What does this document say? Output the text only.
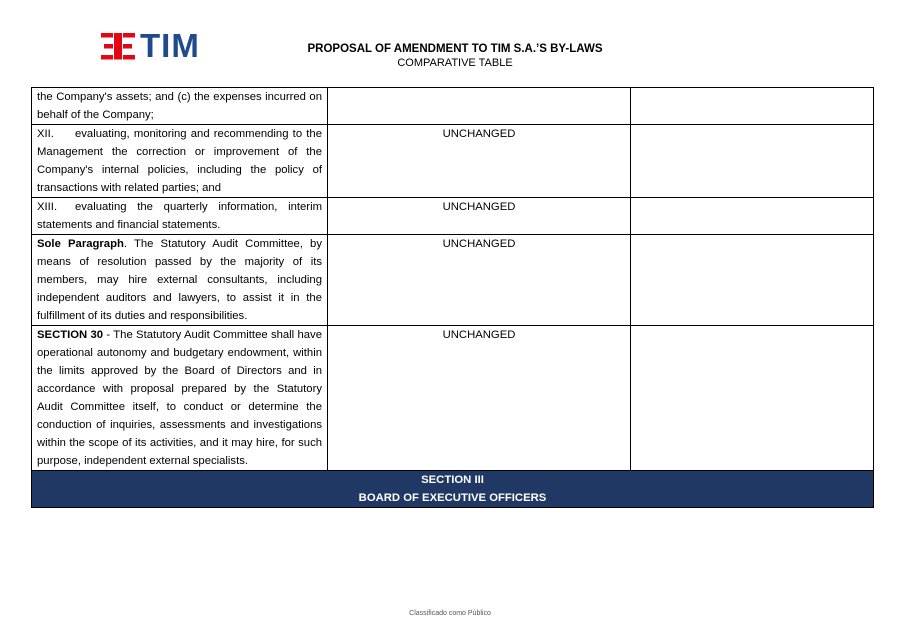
TIM	PROPOSAL OF AMENDMENT TO TIM S.A.’S BY-LAWS
COMPARATIVE TABLE
the Company's assets; and (c) the expenses incurred on behalf of the Company;		
XII. evaluating, monitoring and recommending to the Management the correction or improvement of the Company's internal policies, including the policy of transactions with related parties; and	UNCHANGED	
XIII. evaluating the quarterly information, interim statements and financial statements.	UNCHANGED	
Sole Paragraph. The Statutory Audit Committee, by means of resolution passed by the majority of its members, may hire external consultants, including independent auditors and lawyers, to assist it in the fulfillment of its duties and responsibilities.	UNCHANGED	
SECTION 30 - The Statutory Audit Committee shall have operational autonomy and budgetary endowment, within the limits approved by the Board of Directors and in accordance with proposal prepared by the Statutory Audit Committee itself, to conduct or determine the conduction of inquiries, assessments and investigations within the scope of its activities, and it may hire, for such purpose, independent external specialists.	UNCHANGED	

SECTION III
BOARD OF EXECUTIVE OFFICERS		
Classificado como Público
